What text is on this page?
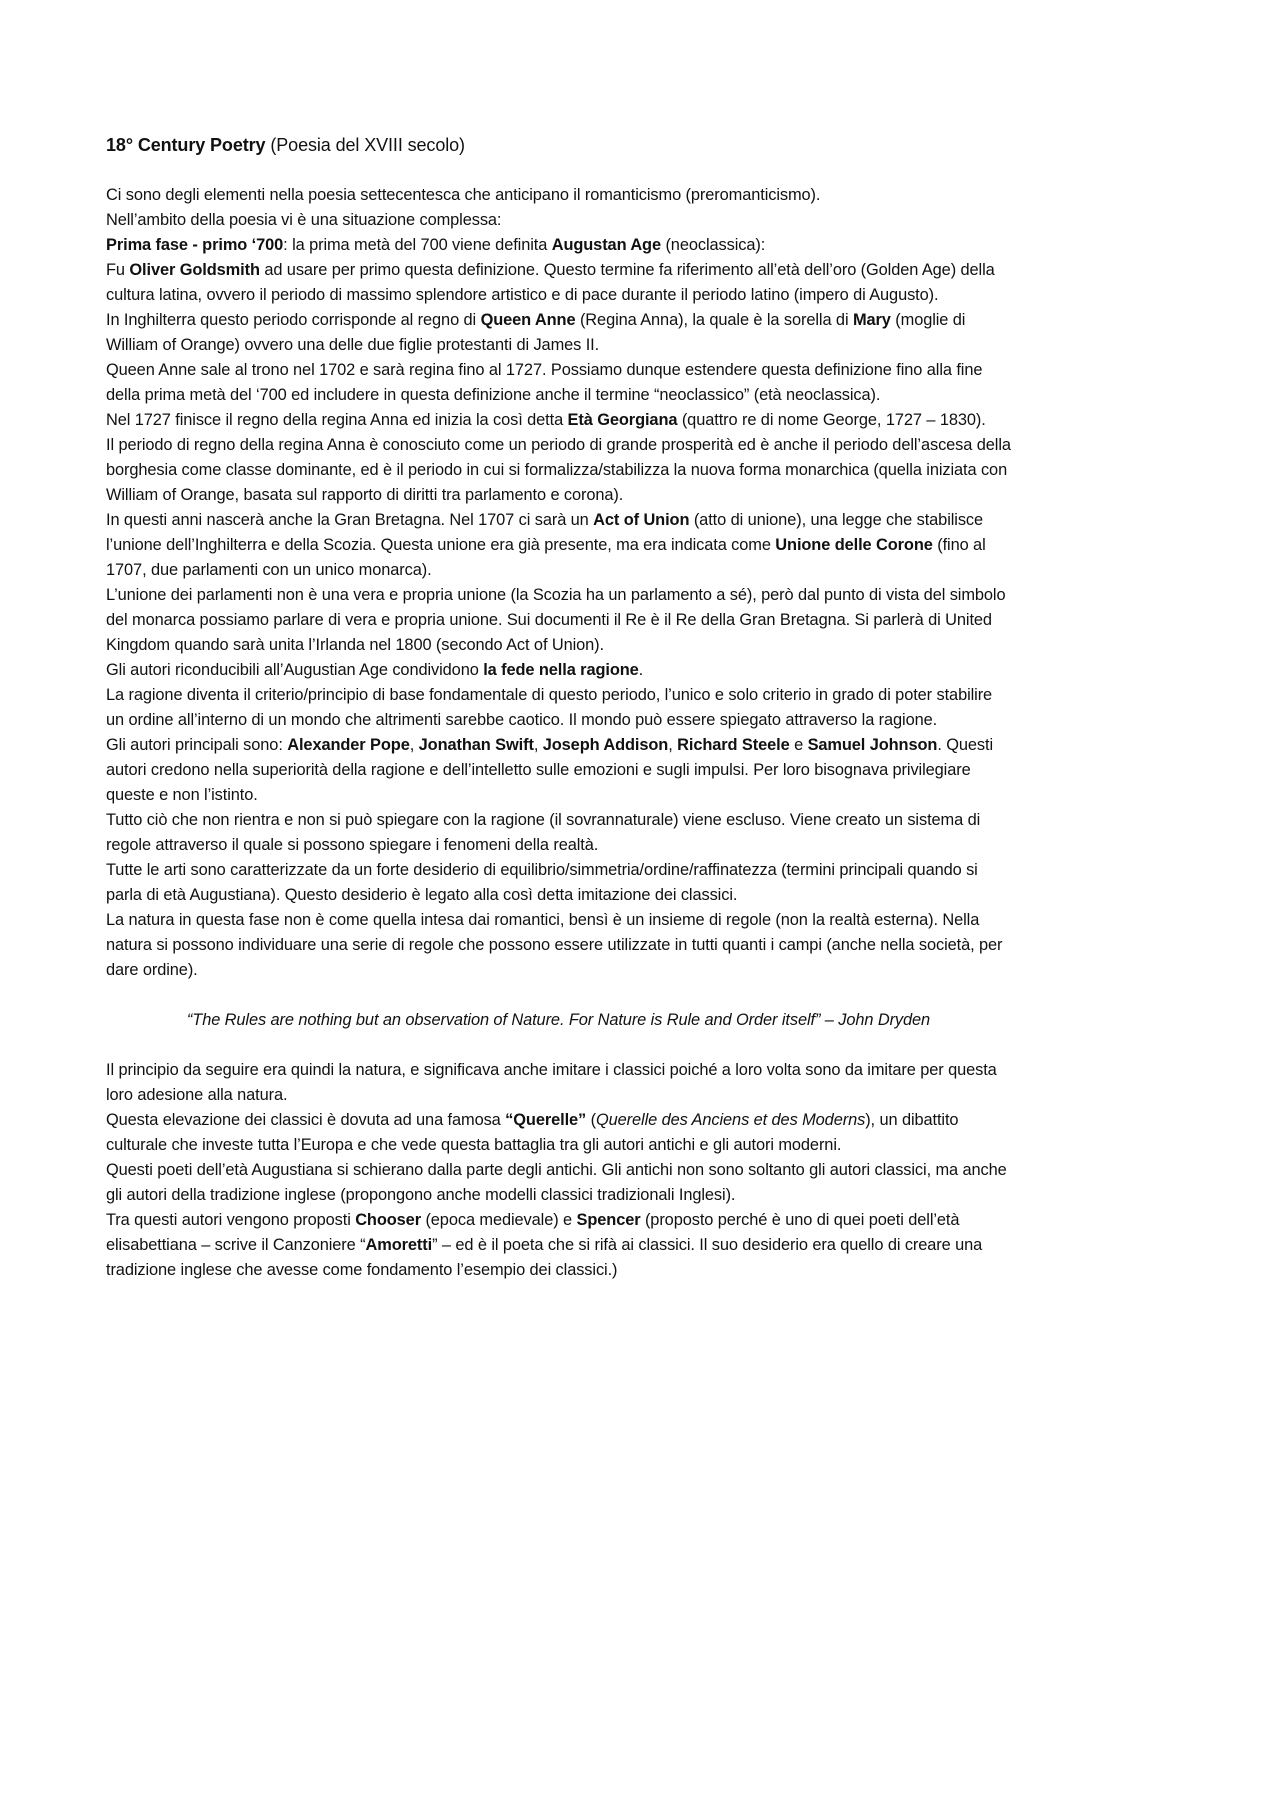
18° Century Poetry (Poesia del XVIII secolo)

Ci sono degli elementi nella poesia settecentesca che anticipano il romanticismo (preromanticismo).

Nell’ambito della poesia vi è una situazione complessa:

Prima fase - primo ‘700: la prima metà del 700 viene definita Augustan Age (neoclassica):

Fu Oliver Goldsmith ad usare per primo questa definizione. Questo termine fa riferimento all’età dell’oro (Golden Age) della cultura latina, ovvero il periodo di massimo splendore artistico e di pace durante il periodo latino (impero di Augusto).

In Inghilterra questo periodo corrisponde al regno di Queen Anne (Regina Anna), la quale è la sorella di Mary (moglie di William of Orange) ovvero una delle due figlie protestanti di James II.

Queen Anne sale al trono nel 1702 e sarà regina fino al 1727. Possiamo dunque estendere questa definizione fino alla fine della prima metà del ‘700 ed includere in questa definizione anche il termine “neoclassico” (età neoclassica).

Nel 1727 finisce il regno della regina Anna ed inizia la così detta Età Georgiana (quattro re di nome George, 1727 – 1830).

Il periodo di regno della regina Anna è conosciuto come un periodo di grande prosperità ed è anche il periodo dell’ascesa della borghesia come classe dominante, ed è il periodo in cui si formalizza/stabilizza la nuova forma monarchica (quella iniziata con William of Orange, basata sul rapporto di diritti tra parlamento e corona).

In questi anni nascerà anche la Gran Bretagna. Nel 1707 ci sarà un Act of Union (atto di unione), una legge che stabilisce l’unione dell’Inghilterra e della Scozia. Questa unione era già presente, ma era indicata come Unione delle Corone (fino al 1707, due parlamenti con un unico monarca).

L’unione dei parlamenti non è una vera e propria unione (la Scozia ha un parlamento a sé), però dal punto di vista del simbolo del monarca possiamo parlare di vera e propria unione. Sui documenti il Re è il Re della Gran Bretagna. Si parlerà di United Kingdom quando sarà unita l’Irlanda nel 1800 (secondo Act of Union).

Gli autori riconducibili all’Augustian Age condividono la fede nella ragione.

La ragione diventa il criterio/principio di base fondamentale di questo periodo, l’unico e solo criterio in grado di poter stabilire un ordine all’interno di un mondo che altrimenti sarebbe caotico. Il mondo può essere spiegato attraverso la ragione.

Gli autori principali sono: Alexander Pope, Jonathan Swift, Joseph Addison, Richard Steele e Samuel Johnson. Questi autori credono nella superiorità della ragione e dell’intelletto sulle emozioni e sugli impulsi. Per loro bisognava privilegiare queste e non l’istinto.

Tutto ciò che non rientra e non si può spiegare con la ragione (il sovrannaturale) viene escluso. Viene creato un sistema di regole attraverso il quale si possono spiegare i fenomeni della realtà.

Tutte le arti sono caratterizzate da un forte desiderio di equilibrio/simmetria/ordine/raffinatezza (termini principali quando si parla di età Augustiana). Questo desiderio è legato alla così detta imitazione dei classici.

La natura in questa fase non è come quella intesa dai romantici, bensì è un insieme di regole (non la realtà esterna). Nella natura si possono individuare una serie di regole che possono essere utilizzate in tutti quanti i campi (anche nella società, per dare ordine).

“The Rules are nothing but an observation of Nature. For Nature is Rule and Order itself” – John Dryden

Il principio da seguire era quindi la natura, e significava anche imitare i classici poiché a loro volta sono da imitare per questa loro adesione alla natura.

Questa elevazione dei classici è dovuta ad una famosa “Querelle” (Querelle des Anciens et des Moderns), un dibattito culturale che investe tutta l’Europa e che vede questa battaglia tra gli autori antichi e gli autori moderni.

Questi poeti dell’età Augustiana si schierano dalla parte degli antichi. Gli antichi non sono soltanto gli autori classici, ma anche gli autori della tradizione inglese (propongono anche modelli classici tradizionali Inglesi).

Tra questi autori vengono proposti Chooser (epoca medievale) e Spencer (proposto perché è uno di quei poeti dell’età elisabettiana – scrive il Canzoniere “Amoretti” – ed è il poeta che si rifà ai classici. Il suo desiderio era quello di creare una tradizione inglese che avesse come fondamento l’esempio dei classici.)
